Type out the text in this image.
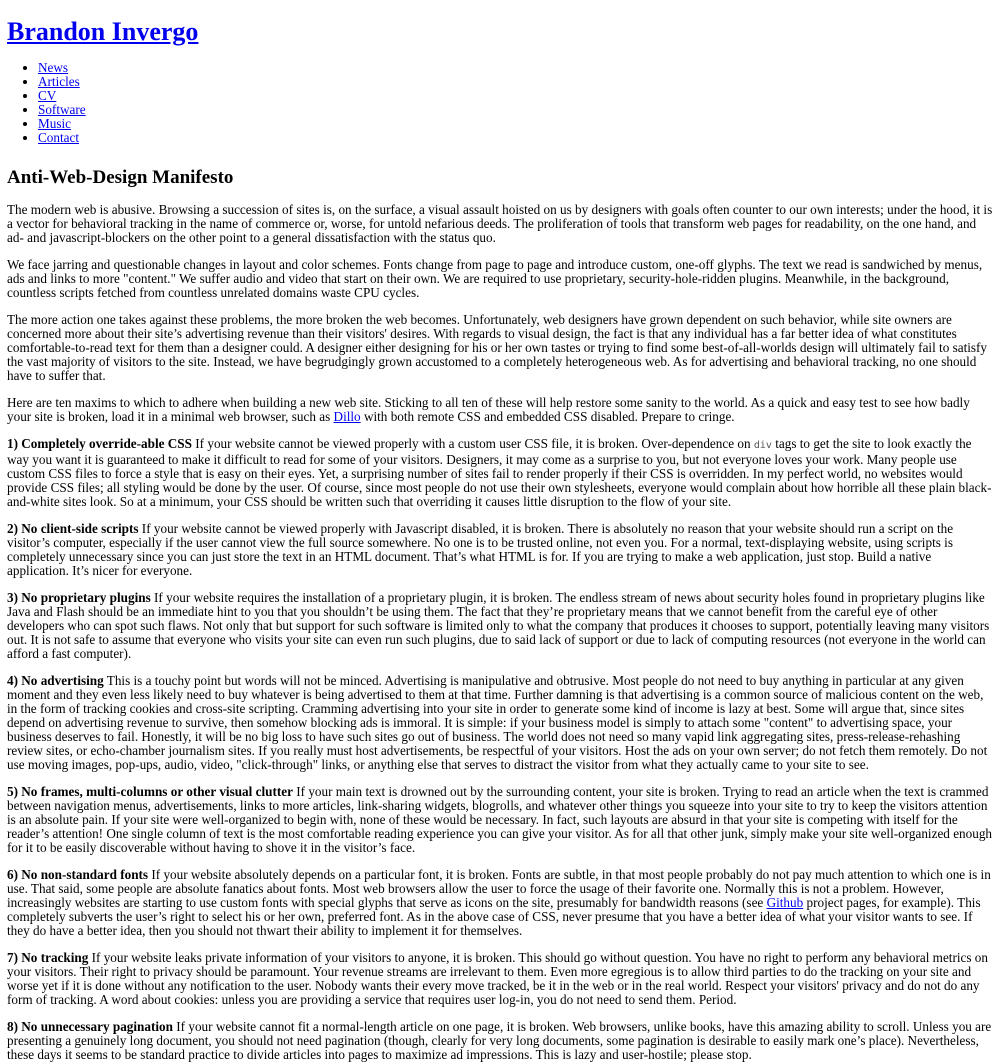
Brandon Invergo
• News
• Articles
• CV
• Software
• Music
• Contact
Anti-Web-Design Manifesto

The modern web is abusive. Browsing a succession of sites is, on the surface, a visual assault hoisted on us by designers with goals often counter to our own interests; under the hood, it is a vector for behavioral tracking in the name of commerce or, worse, for untold nefarious deeds. The proliferation of tools that transform web pages for readability, on the one hand, and ad- and javascript-blockers on the other point to a general dissatisfaction with the status quo.

We face jarring and questionable changes in layout and color schemes. Fonts change from page to page and introduce custom, one-off glyphs. The text we read is sandwiched by menus, ads and links to more "content." We suffer audio and video that start on their own. We are required to use proprietary, security-hole-ridden plugins. Meanwhile, in the background, countless scripts fetched from countless unrelated domains waste CPU cycles.

The more action one takes against these problems, the more broken the web becomes. Unfortunately, web designers have grown dependent on such behavior, while site owners are concerned more about their site’s advertising revenue than their visitors' desires. With regards to visual design, the fact is that any individual has a far better idea of what constitutes comfortable-to-read text for them than a designer could. A designer either designing for his or her own tastes or trying to find some best-of-all-worlds design will ultimately fail to satisfy the vast majority of visitors to the site. Instead, we have begrudgingly grown accustomed to a completely heterogeneous web. As for advertising and behavioral tracking, no one should have to suffer that.

Here are ten maxims to which to adhere when building a new web site. Sticking to all ten of these will help restore some sanity to the world. As a quick and easy test to see how badly your site is broken, load it in a minimal web browser, such as Dillo with both remote CSS and embedded CSS disabled. Prepare to cringe.

1) Completely override-able CSS If your website cannot be viewed properly with a custom user CSS file, it is broken. Over-dependence on div tags to get the site to look exactly the way you want it is guaranteed to make it difficult to read for some of your visitors. Designers, it may come as a surprise to you, but not everyone loves your work. Many people use custom CSS files to force a style that is easy on their eyes. Yet, a surprising number of sites fail to render properly if their CSS is overridden. In my perfect world, no websites would provide CSS files; all styling would be done by the user. Of course, since most people do not use their own stylesheets, everyone would complain about how horrible all these plain black-and-white sites look. So at a minimum, your CSS should be written such that overriding it causes little disruption to the flow of your site.

2) No client-side scripts If your website cannot be viewed properly with Javascript disabled, it is broken. There is absolutely no reason that your website should run a script on the visitor’s computer, especially if the user cannot view the full source somewhere. No one is to be trusted online, not even you. For a normal, text-displaying website, using scripts is completely unnecessary since you can just store the text in an HTML document. That’s what HTML is for. If you are trying to make a web application, just stop. Build a native application. It’s nicer for everyone.

3) No proprietary plugins If your website requires the installation of a proprietary plugin, it is broken. The endless stream of news about security holes found in proprietary plugins like Java and Flash should be an immediate hint to you that you shouldn’t be using them. The fact that they’re proprietary means that we cannot benefit from the careful eye of other developers who can spot such flaws. Not only that but support for such software is limited only to what the company that produces it chooses to support, potentially leaving many visitors out. It is not safe to assume that everyone who visits your site can even run such plugins, due to said lack of support or due to lack of computing resources (not everyone in the world can afford a fast computer).

4) No advertising This is a touchy point but words will not be minced. Advertising is manipulative and obtrusive. Most people do not need to buy anything in particular at any given moment and they even less likely need to buy whatever is being advertised to them at that time. Further damning is that advertising is a common source of malicious content on the web, in the form of tracking cookies and cross-site scripting. Cramming advertising into your site in order to generate some kind of income is lazy at best. Some will argue that, since sites depend on advertising revenue to survive, then somehow blocking ads is immoral. It is simple: if your business model is simply to attach some "content" to advertising space, your business deserves to fail. Honestly, it will be no big loss to have such sites go out of business. The world does not need so many vapid link aggregating sites, press-release-rehashing review sites, or echo-chamber journalism sites. If you really must host advertisements, be respectful of your visitors. Host the ads on your own server; do not fetch them remotely. Do not use moving images, pop-ups, audio, video, "click-through" links, or anything else that serves to distract the visitor from what they actually came to your site to see.

5) No frames, multi-columns or other visual clutter If your main text is drowned out by the surrounding content, your site is broken. Trying to read an article when the text is crammed between navigation menus, advertisements, links to more articles, link-sharing widgets, blogrolls, and whatever other things you squeeze into your site to try to keep the visitors attention is an absolute pain. If your site were well-organized to begin with, none of these would be necessary. In fact, such layouts are absurd in that your site is competing with itself for the reader’s attention! One single column of text is the most comfortable reading experience you can give your visitor. As for all that other junk, simply make your site well-organized enough for it to be easily discoverable without having to shove it in the visitor’s face.

6) No non-standard fonts If your website absolutely depends on a particular font, it is broken. Fonts are subtle, in that most people probably do not pay much attention to which one is in use. That said, some people are absolute fanatics about fonts. Most web browsers allow the user to force the usage of their favorite one. Normally this is not a problem. However, increasingly websites are starting to use custom fonts with special glyphs that serve as icons on the site, presumably for bandwidth reasons (see Github project pages, for example). This completely subverts the user’s right to select his or her own, preferred font. As in the above case of CSS, never presume that you have a better idea of what your visitor wants to see. If they do have a better idea, then you should not thwart their ability to implement it for themselves.

7) No tracking If your website leaks private information of your visitors to anyone, it is broken. This should go without question. You have no right to perform any behavioral metrics on your visitors. Their right to privacy should be paramount. Your revenue streams are irrelevant to them. Even more egregious is to allow third parties to do the tracking on your site and worse yet if it is done without any notification to the user. Nobody wants their every move tracked, be it in the web or in the real world. Respect your visitors' privacy and do not do any form of tracking. A word about cookies: unless you are providing a service that requires user log-in, you do not need to send them. Period.

8) No unnecessary pagination If your website cannot fit a normal-length article on one page, it is broken. Web browsers, unlike books, have this amazing ability to scroll. Unless you are presenting a genuinely long document, you should not need pagination (though, clearly for very long documents, some pagination is desirable to easily mark one’s place). Nevertheless, these days it seems to be standard practice to divide articles into pages to maximize ad impressions. This is lazy and user-hostile; please stop.
